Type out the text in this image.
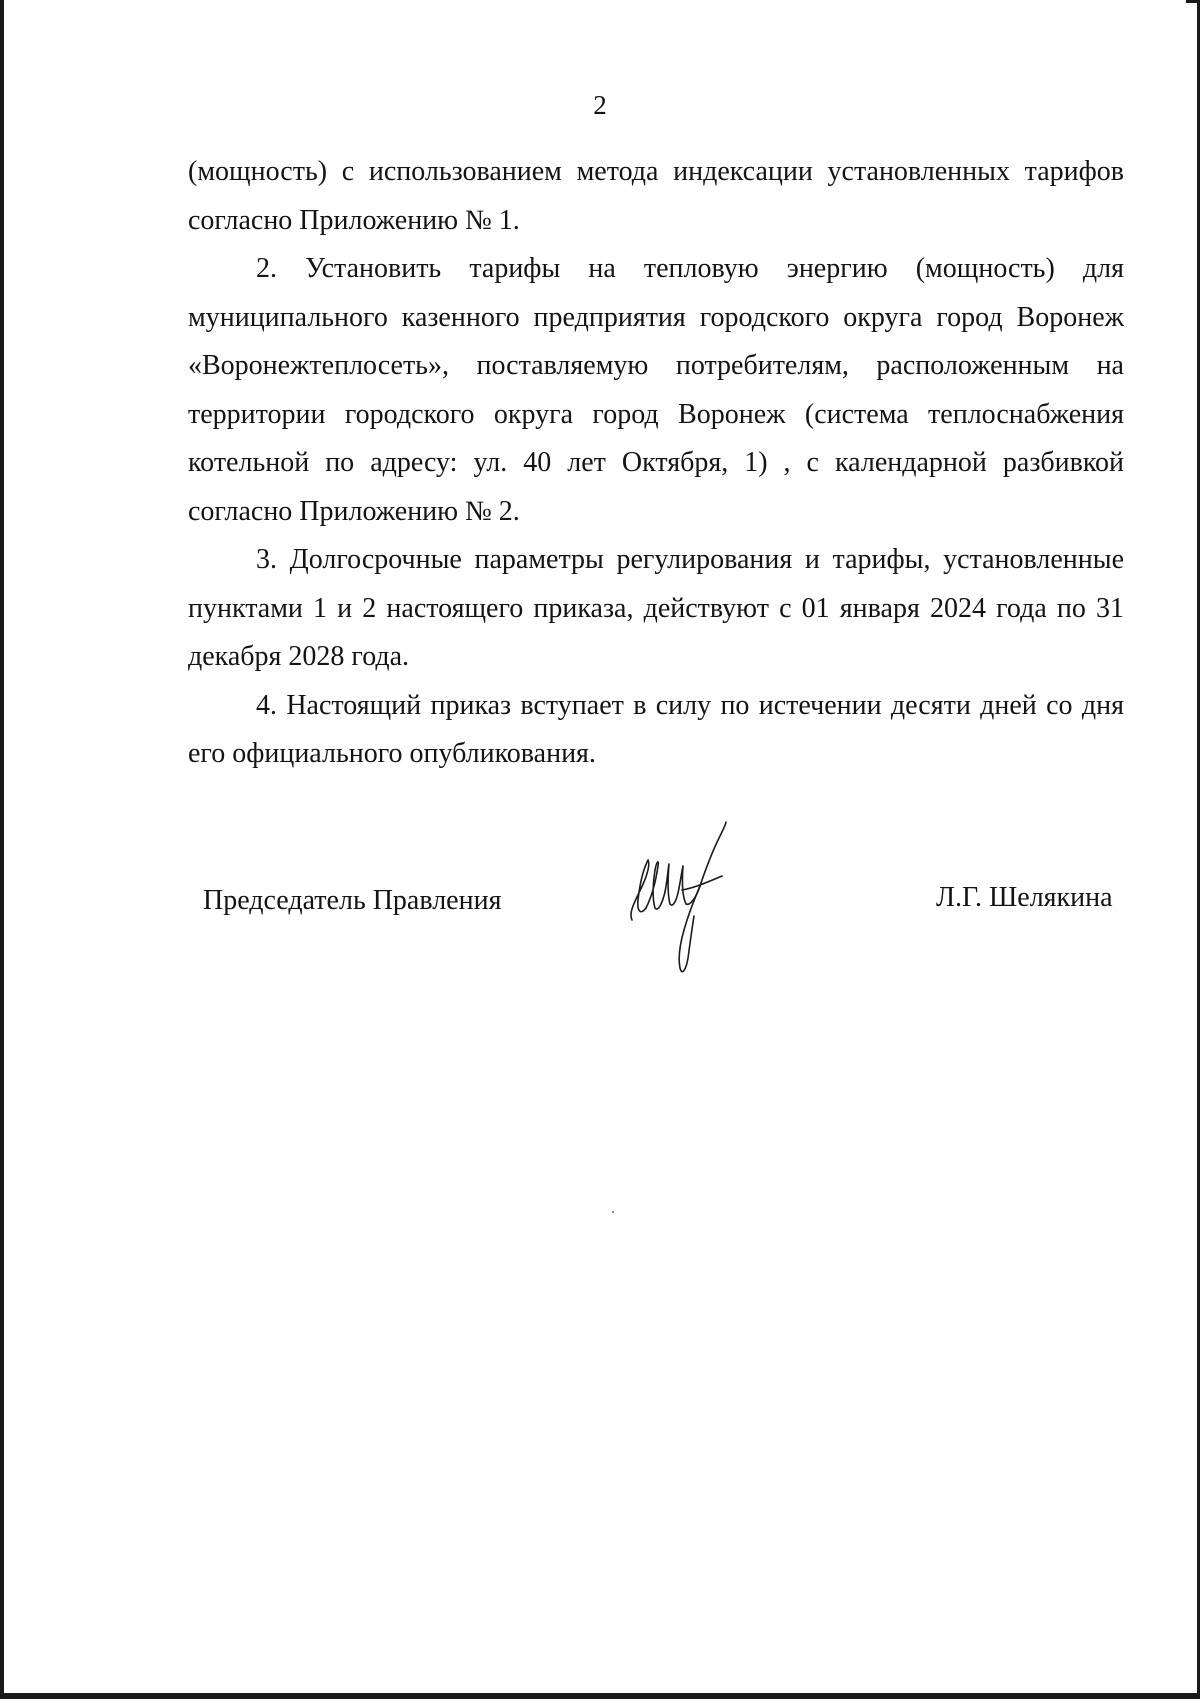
2

(мощность) с использованием метода индексации установленных тарифов согласно Приложению № 1.

2. Установить тарифы на тепловую энергию (мощность) для муниципального казенного предприятия городского округа город Воронеж «Воронежтеплосеть», поставляемую потребителям, расположенным на территории городского округа город Воронеж (система теплоснабжения котельной по адресу: ул. 40 лет Октября, 1) , с календарной разбивкой согласно Приложению № 2.

3. Долгосрочные параметры регулирования и тарифы, установленные пунктами 1 и 2 настоящего приказа, действуют с 01 января 2024 года по 31 декабря 2028 года.

4. Настоящий приказ вступает в силу по истечении десяти дней со дня его официального опубликования.

Председатель Правления	Л.Г. Шелякина
